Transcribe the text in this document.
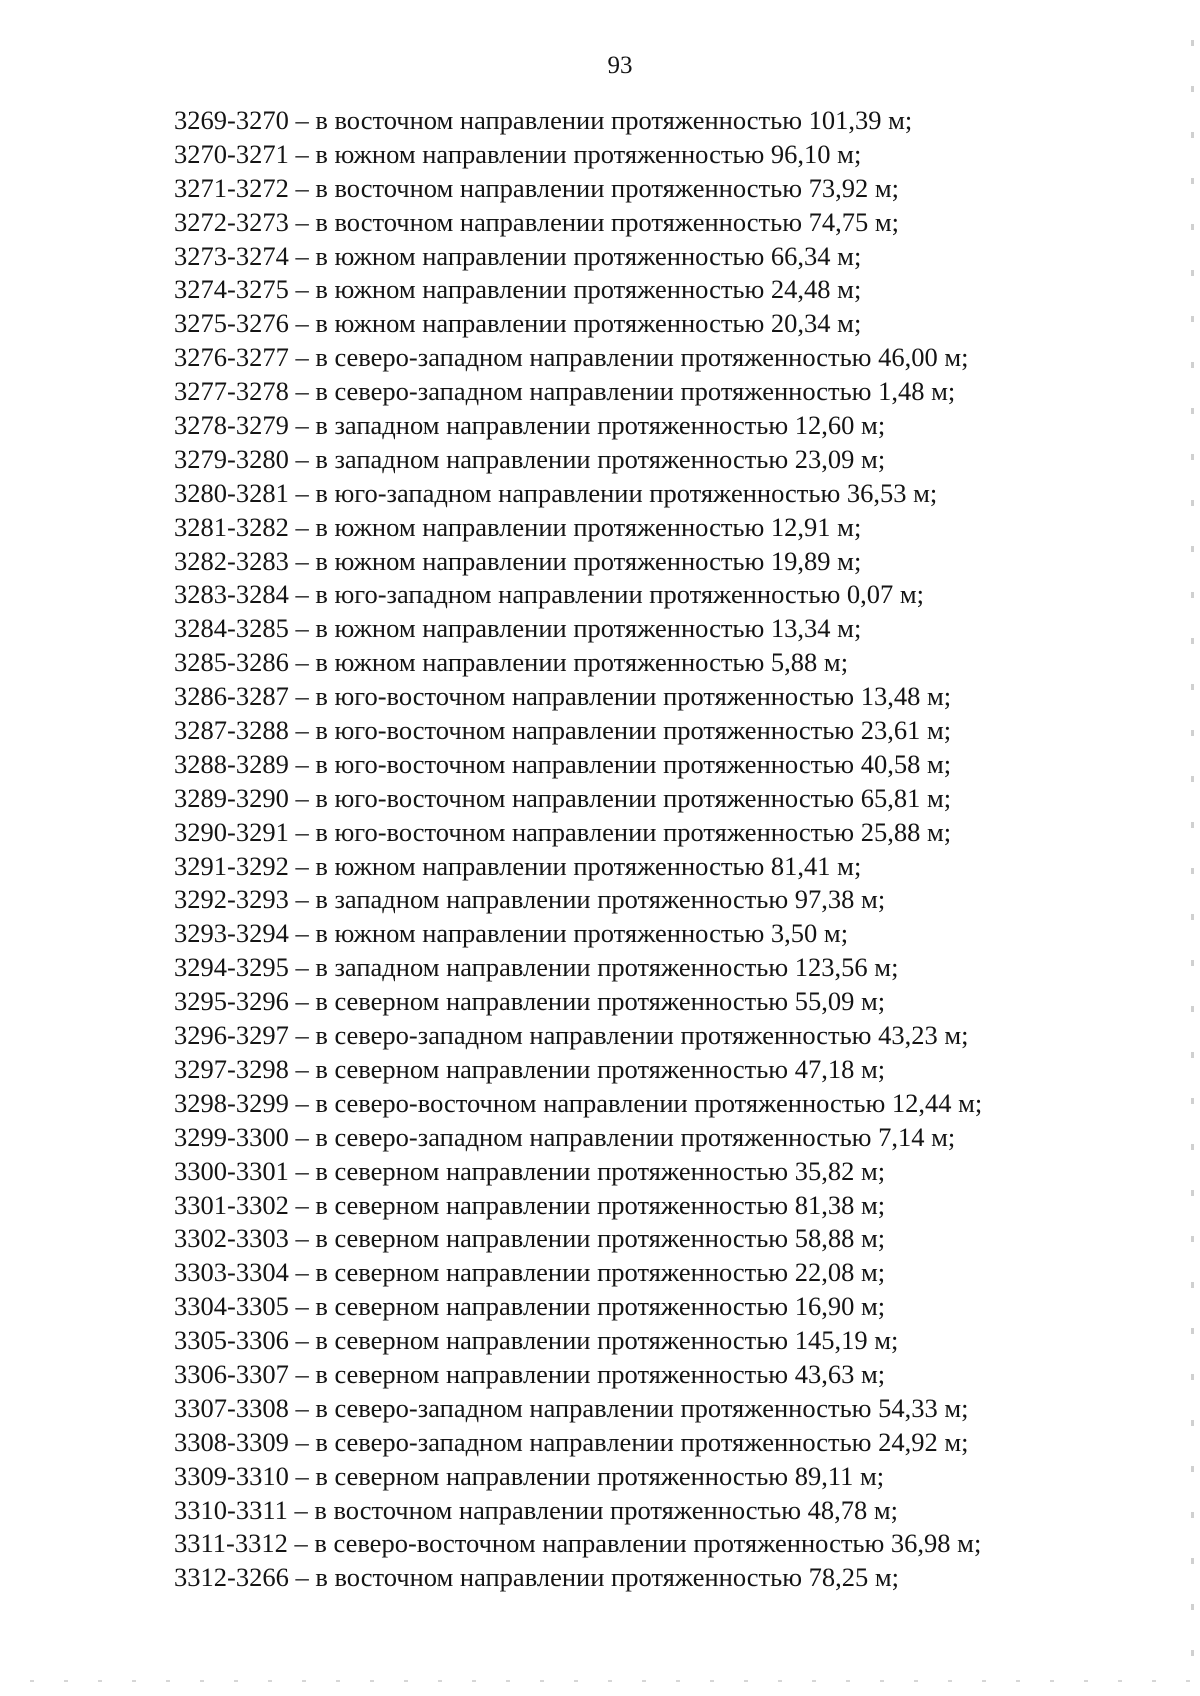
93
3269-3270 – в восточном направлении протяженностью 101,39 м;
3270-3271 – в южном направлении протяженностью 96,10 м;
3271-3272 – в восточном направлении протяженностью 73,92 м;
3272-3273 – в восточном направлении протяженностью 74,75 м;
3273-3274 – в южном направлении протяженностью 66,34 м;
3274-3275 – в южном направлении протяженностью 24,48 м;
3275-3276 – в южном направлении протяженностью 20,34 м;
3276-3277 – в северо-западном направлении протяженностью 46,00 м;
3277-3278 – в северо-западном направлении протяженностью 1,48 м;
3278-3279 – в западном направлении протяженностью 12,60 м;
3279-3280 – в западном направлении протяженностью 23,09 м;
3280-3281 – в юго-западном направлении протяженностью 36,53 м;
3281-3282 – в южном направлении протяженностью 12,91 м;
3282-3283 – в южном направлении протяженностью 19,89 м;
3283-3284 – в юго-западном направлении протяженностью 0,07 м;
3284-3285 – в южном направлении протяженностью 13,34 м;
3285-3286 – в южном направлении протяженностью 5,88 м;
3286-3287 – в юго-восточном направлении протяженностью 13,48 м;
3287-3288 – в юго-восточном направлении протяженностью 23,61 м;
3288-3289 – в юго-восточном направлении протяженностью 40,58 м;
3289-3290 – в юго-восточном направлении протяженностью 65,81 м;
3290-3291 – в юго-восточном направлении протяженностью 25,88 м;
3291-3292 – в южном направлении протяженностью 81,41 м;
3292-3293 – в западном направлении протяженностью 97,38 м;
3293-3294 – в южном направлении протяженностью 3,50 м;
3294-3295 – в западном направлении протяженностью 123,56 м;
3295-3296 – в северном направлении протяженностью 55,09 м;
3296-3297 – в северо-западном направлении протяженностью 43,23 м;
3297-3298 – в северном направлении протяженностью 47,18 м;
3298-3299 – в северо-восточном направлении протяженностью 12,44 м;
3299-3300 – в северо-западном направлении протяженностью 7,14 м;
3300-3301 – в северном направлении протяженностью 35,82 м;
3301-3302 – в северном направлении протяженностью 81,38 м;
3302-3303 – в северном направлении протяженностью 58,88 м;
3303-3304 – в северном направлении протяженностью 22,08 м;
3304-3305 – в северном направлении протяженностью 16,90 м;
3305-3306 – в северном направлении протяженностью 145,19 м;
3306-3307 – в северном направлении протяженностью 43,63 м;
3307-3308 – в северо-западном направлении протяженностью 54,33 м;
3308-3309 – в северо-западном направлении протяженностью 24,92 м;
3309-3310 – в северном направлении протяженностью 89,11 м;
3310-3311 – в восточном направлении протяженностью 48,78 м;
3311-3312 – в северо-восточном направлении протяженностью 36,98 м;
3312-3266 – в восточном направлении протяженностью 78,25 м;
